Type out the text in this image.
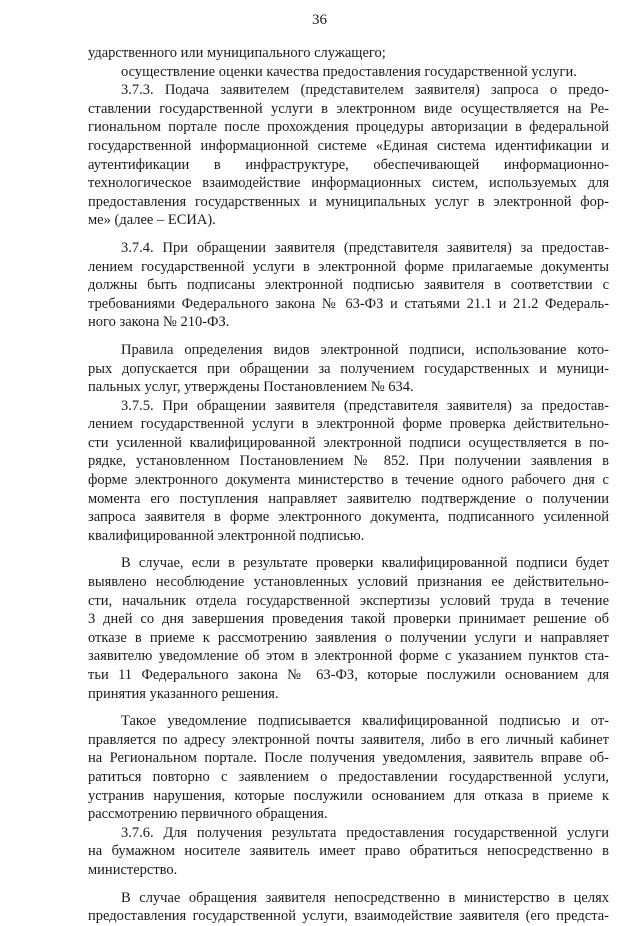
36
ударственного или муниципального служащего;
осуществление оценки качества предоставления государственной услуги.
3.7.3. Подача заявителем (представителем заявителя) запроса о предо-
ставлении государственной услуги в электронном виде осуществляется на Ре-
гиональном портале после прохождения процедуры авторизации в федеральной
государственной информационной системе «Единая система идентификации и
аутентификации в инфраструктуре, обеспечивающей информационно-
технологическое взаимодействие информационных систем, используемых для
предоставления государственных и муниципальных услуг в электронной фор-
ме» (далее – ЕСИА).
3.7.4. При обращении заявителя (представителя заявителя) за предостав-
лением государственной услуги в электронной форме прилагаемые документы
должны быть подписаны электронной подписью заявителя в соответствии с
требованиями Федерального закона № 63-ФЗ и статьями 21.1 и 21.2 Федераль-
ного закона № 210-ФЗ.
Правила определения видов электронной подписи, использование кото-
рых допускается при обращении за получением государственных и муници-
пальных услуг, утверждены Постановлением № 634.
3.7.5. При обращении заявителя (представителя заявителя) за предостав-
лением государственной услуги в электронной форме проверка действительно-
сти усиленной квалифицированной электронной подписи осуществляется в по-
рядке, установленном Постановлением № 852. При получении заявления в
форме электронного документа министерство в течение одного рабочего дня с
момента его поступления направляет заявителю подтверждение о получении
запроса заявителя в форме электронного документа, подписанного усиленной
квалифицированной электронной подписью.
В случае, если в результате проверки квалифицированной подписи будет
выявлено несоблюдение установленных условий признания ее действительно-
сти, начальник отдела государственной экспертизы условий труда в течение
3 дней со дня завершения проведения такой проверки принимает решение об
отказе в приеме к рассмотрению заявления о получении услуги и направляет
заявителю уведомление об этом в электронной форме с указанием пунктов ста-
тьи 11 Федерального закона № 63-ФЗ, которые послужили основанием для
принятия указанного решения.
Такое уведомление подписывается квалифицированной подписью и от-
правляется по адресу электронной почты заявителя, либо в его личный кабинет
на Региональном портале. После получения уведомления, заявитель вправе об-
ратиться повторно с заявлением о предоставлении государственной услуги,
устранив нарушения, которые послужили основанием для отказа в приеме к
рассмотрению первичного обращения.
3.7.6. Для получения результата предоставления государственной услуги
на бумажном носителе заявитель имеет право обратиться непосредственно в
министерство.
В случае обращения заявителя непосредственно в министерство в целях
предоставления государственной услуги, взаимодействие заявителя (его предста-
